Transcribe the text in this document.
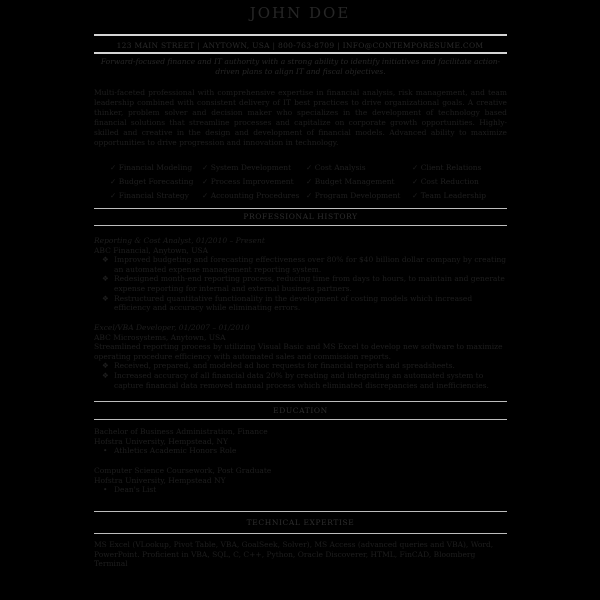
JOHN DOE
123 MAIN STREET | ANYTOWN, USA | 800-763-8709 | INFO@CONTEMPORESUME.COM
Forward-focused finance and IT authority with a strong ability to identify initiatives and facilitate action-driven plans to align IT and fiscal objectives.
Multi-faceted professional with comprehensive expertise in financial analysis, risk management, and team leadership combined with consistent delivery of IT best practices to drive organizational goals. A creative thinker, problem solver and decision maker who specializes in the development of technology based financial solutions that streamline processes and capitalize on corporate growth opportunities. Highly-skilled and creative in the design and development of financial models. Advanced ability to maximize opportunities to drive progression and innovation in technology.
✓ Financial Modeling	✓ System Development	✓ Cost Analysis	✓ Client Relations
✓ Budget Forecasting	✓ Process Improvement	✓ Budget Management	✓ Cost Reduction
✓ Financial Strategy	✓ Accounting Procedures ✓ Program Development	✓ Team Leadership
PROFESSIONAL HISTORY
Reporting & Cost Analyst, 01/2010 – Present
ABC Financial, Anytown, USA
❖ Improved budgeting and forecasting effectiveness over 80% for $40 billion dollar company by creating an automated expense management reporting system.
❖ Redesigned month-end reporting process, reducing time from days to hours, to maintain and generate expense reporting for internal and external business partners.
❖ Restructured quantitative functionality in the development of costing models which increased efficiency and accuracy while eliminating errors.
Excel/VBA Developer, 01/2007 – 01/2010
ABC Microsystems, Anytown, USA
Streamlined reporting process by utilizing Visual Basic and MS Excel to develop new software to maximize operating procedure efficiency with automated sales and commission reports.
❖ Received, prepared, and modeled ad hoc requests for financial reports and spreadsheets.
❖ Increased accuracy of all financial data 20% by creating and integrating an automated system to capture financial data removed manual process which eliminated discrepancies and inefficiencies.
EDUCATION
Bachelor of Business Administration, Finance
Hofstra University, Hempstead, NY
• Athletics Academic Honors Role
Computer Science Coursework, Post Graduate
Hofstra University, Hempstead NY
• Dean's List
TECHNICAL EXPERTISE
MS Excel (VLookup, Pivot Table, VBA, GoalSeek, Solver), MS Access (advanced queries and VBA), Word, PowerPoint. Proficient in VBA, SQL, C, C++, Python, Oracle Discoverer, HTML, FinCAD, Bloomberg Terminal
